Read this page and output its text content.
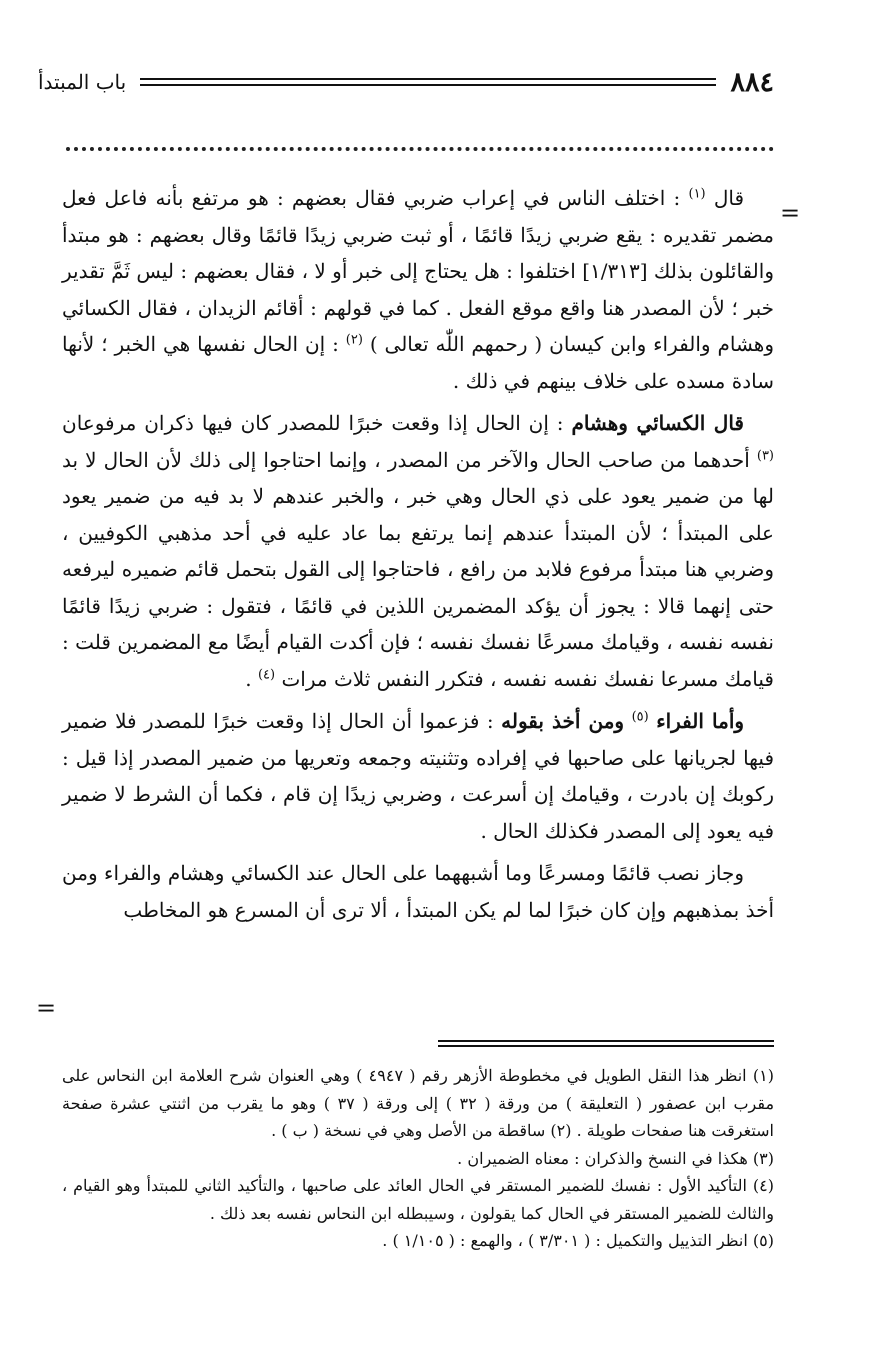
٨٨٤
باب المبتدأ
=

قال $^{(١)}$ : اختلف الناس في إعراب ضربي فقال بعضهم : هو مرتفع بأنه فاعل فعل مضمر تقديره : يقع ضربي زيدًا قائمًا ، أو ثبت ضربي زيدًا قائمًا وقال بعضهم : هو مبتدأ والقائلون بذلك [١/٣١٣] اختلفوا : هل يحتاج إلى خبر أو لا ، فقال بعضهم : ليس ثَمَّ تقدير خبر ؛ لأن المصدر هنا واقع موقع الفعل . كما في قولهم : أقائم الزيدان ، فقال الكسائي وهشام والفراء وابن كيسان ( رحمهم اللّٰه تعالى ) $^{(٢)}$ : إن الحال نفسها هي الخبر ؛ لأنها سادة مسده على خلاف بينهم في ذلك .

قال الكسائي وهشام : إن الحال إذا وقعت خبرًا للمصدر كان فيها ذكران مرفوعان $^{(٣)}$ أحدهما من صاحب الحال والآخر من المصدر ، وإنما احتاجوا إلى ذلك لأن الحال لا بد لها من ضمير يعود على ذي الحال وهي خبر ، والخبر عندهم لا بد فيه من ضمير يعود على المبتدأ ؛ لأن المبتدأ عندهم إنما يرتفع بما عاد عليه في أحد مذهبي الكوفيين ، وضربي هنا مبتدأ مرفوع فلابد من رافع ، فاحتاجوا إلى القول بتحمل قائم ضميره ليرفعه حتى إنهما قالا : يجوز أن يؤكد المضمرين اللذين في قائمًا ، فتقول : ضربي زيدًا قائمًا نفسه نفسه ، وقيامك مسرعًا نفسك نفسه ؛ فإن أكدت القيام أيضًا مع المضمرين قلت : قيامك مسرعا نفسك نفسه نفسه ، فتكرر النفس ثلاث مرات $^{(٤)}$ .

وأما الفراء $^{(٥)}$ ومن أخذ بقوله : فزعموا أن الحال إذا وقعت خبرًا للمصدر فلا ضمير فيها لجريانها على صاحبها في إفراده وتثنيته وجمعه وتعريها من ضمير المصدر إذا قيل : ركوبك إن بادرت ، وقيامك إن أسرعت ، وضربي زيدًا إن قام ، فكما أن الشرط لا ضمير فيه يعود إلى المصدر فكذلك الحال .

وجاز نصب قائمًا ومسرعًا وما أشبههما على الحال عند الكسائي وهشام والفراء ومن أخذ بمذهبهم وإن كان خبرًا لما لم يكن المبتدأ ، ألا ترى أن المسرع هو المخاطب

=

(١) انظر هذا النقل الطويل في مخطوطة الأزهر رقم ( ٤٩٤٧ ) وهي العنوان شرح العلامة ابن النحاس على مقرب ابن عصفور ( التعليقة ) من ورقة ( ٣٢ ) إلى ورقة ( ٣٧ ) وهو ما يقرب من اثنتي عشرة صفحة استغرقت هنا صفحات طويلة . (٢) ساقطة من الأصل وهي في نسخة ( ب ) .

(٣) هكذا في النسخ والذكران : معناه الضميران .

(٤) التأكيد الأول : نفسك للضمير المستقر في الحال العائد على صاحبها ، والتأكيد الثاني للمبتدأ وهو القيام ، والثالث للضمير المستقر في الحال كما يقولون ، وسيبطله ابن النحاس نفسه بعد ذلك .

(٥) انظر التذييل والتكميل : ( ٣/٣٠١ ) ، والهمع : ( ١/١٠٥ ) .
